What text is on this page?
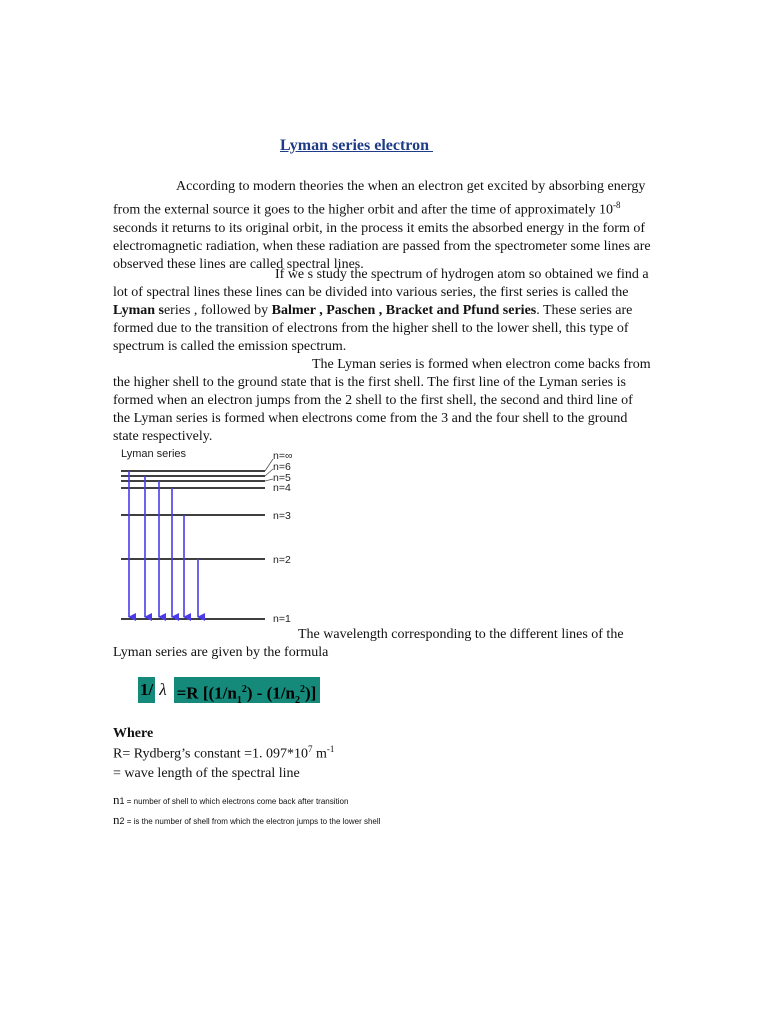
Lyman series electron

According to modern theories the when an electron get excited by absorbing energy from the external source it goes to the higher orbit and after the time of approximately $10^{-8}$ seconds it returns to its original orbit, in the process it emits the absorbed energy in the form of electromagnetic radiation, when these radiation are passed from the spectrometer some lines are observed these lines are called spectral lines.

If we s study the spectrum of hydrogen atom so obtained we find a lot of spectral lines these lines can be divided into various series, the first series is called the Lyman series , followed by Balmer , Paschen , Bracket and Pfund series. These series are formed due to the transition of electrons from the higher shell to the lower shell, this type of spectrum is called the emission spectrum.

The Lyman series is formed when electron come backs from the higher shell to the ground state that is the first shell. The first line of the Lyman series is formed when an electron jumps from the 2 shell to the first shell, the second and third line of the Lyman series is formed when electrons come from the 3 and the four shell to the ground state respectively.

Lyman series	n=∞
n=6
n=5
n=4
n=3
n=2
n=1

The wavelength corresponding to the different lines of the Lyman series are given by the formula

1/ λ =R $[(1/n_1^2) - (1/n_2^2)]$
Where
R= Rydberg’s constant =1. $097*10^7$ $m^{-1}$
= wave length of the spectral line
n1 = number of shell to which electrons come back after transition
n2 = is the number of shell from which the electron jumps to the lower shell
